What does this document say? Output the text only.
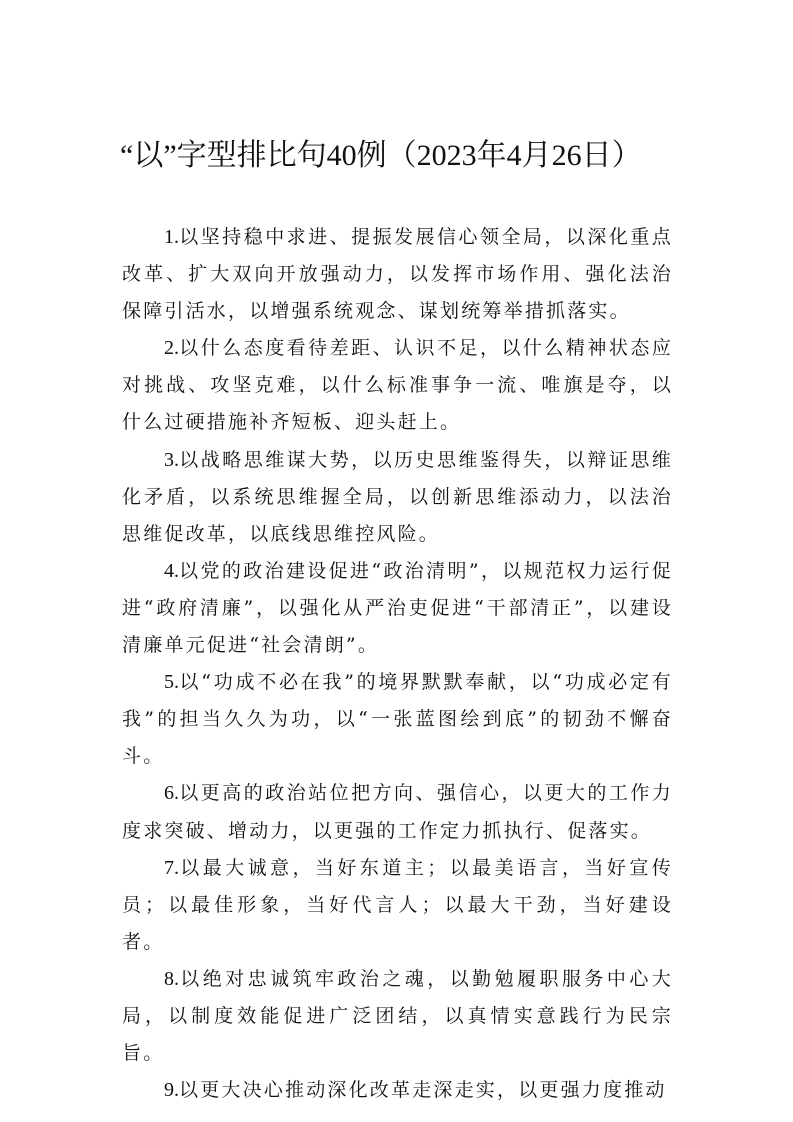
“以”字型排比句40例（2023年4月26日）

1.以坚持稳中求进、提振发展信心领全局，以深化重点改革、扩大双向开放强动力，以发挥市场作用、强化法治保障引活水，以增强系统观念、谋划统筹举措抓落实。

2.以什么态度看待差距、认识不足，以什么精神状态应对挑战、攻坚克难，以什么标准事争一流、唯旗是夺，以什么过硬措施补齐短板、迎头赶上。

3.以战略思维谋大势，以历史思维鉴得失，以辩证思维化矛盾，以系统思维握全局，以创新思维添动力，以法治思维促改革，以底线思维控风险。

4.以党的政治建设促进“政治清明”，以规范权力运行促进“政府清廉”，以强化从严治吏促进“干部清正”，以建设清廉单元促进“社会清朗”。

5.以“功成不必在我”的境界默默奉献，以“功成必定有我”的担当久久为功，以“一张蓝图绘到底”的韧劲不懈奋斗。

6.以更高的政治站位把方向、强信心，以更大的工作力度求突破、增动力，以更强的工作定力抓执行、促落实。

7.以最大诚意，当好东道主；以最美语言，当好宣传员；以最佳形象，当好代言人；以最大干劲，当好建设者。

8.以绝对忠诚筑牢政治之魂，以勤勉履职服务中心大局，以制度效能促进广泛团结，以真情实意践行为民宗旨。

9.以更大决心推动深化改革走深走实，以更强力度推动
